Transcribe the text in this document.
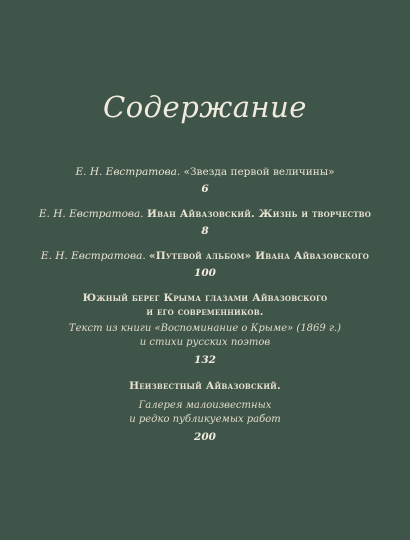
Содержание
Е. Н. Евстратова. «Звезда первой величины»
6
Е. Н. Евстратова. Иван Айвазовский. Жизнь и творчество
8
Е. Н. Евстратова. «Путевой альбом» Ивана Айвазовского
100
Южный берег Крыма глазами Айвазовского
и его современников.
Текст из книги «Воспоминание о Крыме» (1869 г.)
и стихи русских поэтов
132
Неизвестный Айвазовский.
Галерея малоизвестных
и редко публикуемых работ
200
